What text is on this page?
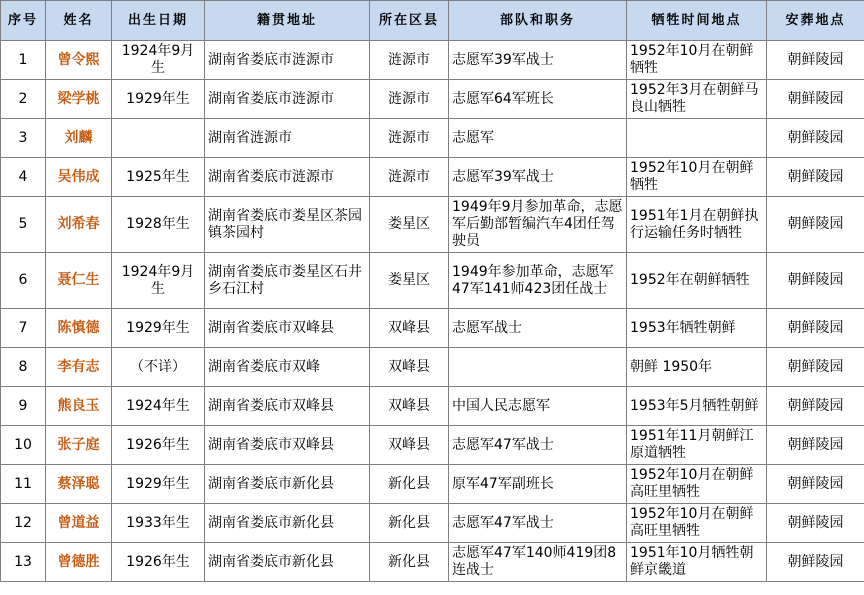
序号	姓名	出生日期	籍贯地址	所在区县	部队和职务	牺牲时间地点	安葬地点
1	曾令熙	1924年9月生	湖南省娄底市涟源市	涟源市	志愿军39军战士	1952年10月在朝鲜牺牲	朝鲜陵园
2	梁学桃	1929年生	湖南省娄底市涟源市	涟源市	志愿军64军班长	1952年3月在朝鲜马良山牺牲	朝鲜陵园
3	刘麟		湖南省涟源市	涟源市	志愿军		朝鲜陵园
4	吴伟成	1925年生	湖南省娄底市涟源市	涟源市	志愿军39军战士	1952年10月在朝鲜牺牲	朝鲜陵园
5	刘希春	1928年生	湖南省娄底市娄星区茶园镇茶园村	娄星区	1949年9月参加革命，志愿军后勤部暂编汽车4团任驾驶员	1951年1月在朝鲜执行运输任务时牺牲	朝鲜陵园
6	聂仁生	1924年9月生	湖南省娄底市娄星区石井乡石江村	娄星区	1949年参加革命，志愿军47军141师423团任战士	1952年在朝鲜牺牲	朝鲜陵园
7	陈慎德	1929年生	湖南省娄底市双峰县	双峰县	志愿军战士	1953年牺牲朝鲜	朝鲜陵园
8	李有志	（不详）	湖南省娄底市双峰	双峰县		朝鲜 1950年	朝鲜陵园
9	熊良玉	1924年生	湖南省娄底市双峰县	双峰县	中国人民志愿军	1953年5月牺牲朝鲜	朝鲜陵园
10	张子庭	1926年生	湖南省娄底市双峰县	双峰县	志愿军47军战士	1951年11月朝鲜江原道牺牲	朝鲜陵园
11	蔡泽聪	1929年生	湖南省娄底市新化县	新化县	原军47军副班长	1952年10月在朝鲜高旺里牺牲	朝鲜陵园
12	曾道益	1933年生	湖南省娄底市新化县	新化县	志愿军47军战士	1952年10月在朝鲜高旺里牺牲	朝鲜陵园
13	曾德胜	1926年生	湖南省娄底市新化县	新化县	志愿军47军140师419团8连战士	1951年10月牺牲朝鲜京畿道	朝鲜陵园
